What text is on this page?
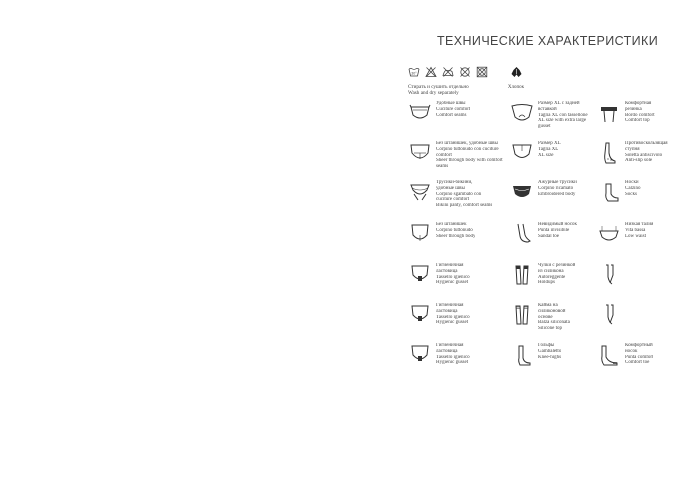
ТЕХНИЧЕСКИЕ ХАРАКТЕРИСТИКИ
30°
Стирать и сушить отдельно
Wash and dry separately
Хлопок
Удобные швы
Cuciture comfort
Comfort seams
Без штанишек, удобные швы
Corpino tuttonudo con cuciture
comfort
Sheer through body with comfort
seams
Трусики-бикини,
удобные швы
Corpino sgambato con
cuciture comfort
Bikini panty, comfort seams
Без штанишек
Corpino tuttonudo
Sheer through body
Гигиеничная
ластовица
Tassello igienico
Hygienic gusset
Гигиеничная
ластовица
Tassello igienico
Hygienic gusset
Гигиеничная
ластовица
Tassello igienico
Hygienic gusset
Размер XL с задней
вставкой
Taglia XL con tassellone
XL size with extra large
gusset
Размер XL
Taglia XL
XL size
Ажурные трусики
Corpino ricamato
Embroidered body
Невидимый носок
Punta invisibile
Sandal toe
Чулки с резинкой
из силикона
Autoreggente
Holdups
Кайма на
силиконовой
основе
Balza siliconata
Silicone top
Гольфы
Gambaletto
Knee-highs
Комфортная
резинка
Bordo comfort
Comfort top
Противоскользящая
ступня
Soletta antiscivolo
Anti-slip sole
Носки
Calzino
Socks
Низкая талия
Vita bassa
Low waist
Комфортный
носок
Punta comfort
Comfort toe
